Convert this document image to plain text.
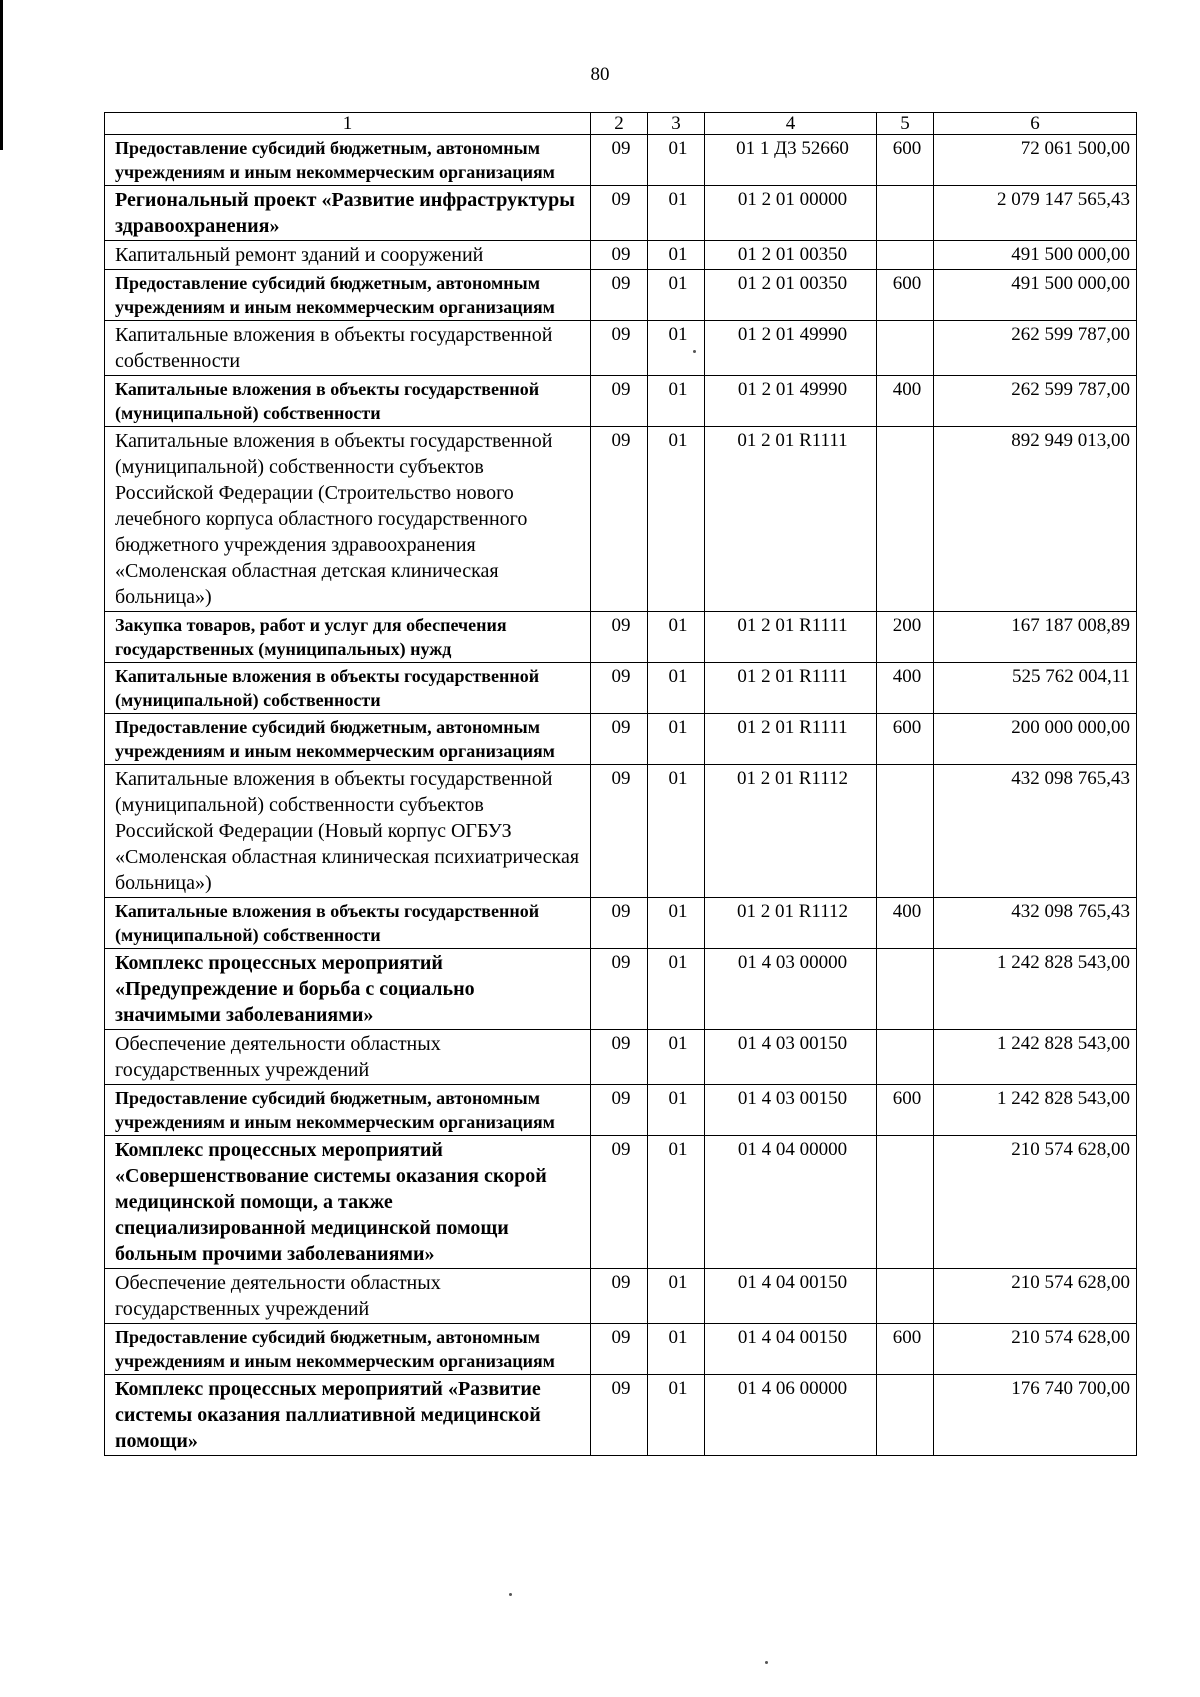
80
1	2	3	4	5	6
Предоставление субсидий бюджетным, автономным учреждениям и иным некоммерческим организациям	09	01	01 1 Д3 52660	600	72 061 500,00
Региональный проект «Развитие инфраструктуры здравоохранения»	09	01	01 2 01 00000		2 079 147 565,43
Капитальный ремонт зданий и сооружений	09	01	01 2 01 00350		491 500 000,00
Предоставление субсидий бюджетным, автономным учреждениям и иным некоммерческим организациям	09	01	01 2 01 00350	600	491 500 000,00
Капитальные вложения в объекты государственной собственности	09	01	01 2 01 49990		262 599 787,00
Капитальные вложения в объекты государственной (муниципальной) собственности	09	01	01 2 01 49990	400	262 599 787,00
Капитальные вложения в объекты государственной (муниципальной) собственности субъектов Российской Федерации (Строительство нового лечебного корпуса областного государственного бюджетного учреждения здравоохранения «Смоленская областная детская клиническая больница»)	09	01	01 2 01 R1111		892 949 013,00
Закупка товаров, работ и услуг для обеспечения государственных (муниципальных) нужд	09	01	01 2 01 R1111	200	167 187 008,89
Капитальные вложения в объекты государственной (муниципальной) собственности	09	01	01 2 01 R1111	400	525 762 004,11
Предоставление субсидий бюджетным, автономным учреждениям и иным некоммерческим организациям	09	01	01 2 01 R1111	600	200 000 000,00
Капитальные вложения в объекты государственной (муниципальной) собственности субъектов Российской Федерации (Новый корпус ОГБУЗ «Смоленская областная клиническая психиатрическая больница»)	09	01	01 2 01 R1112		432 098 765,43
Капитальные вложения в объекты государственной (муниципальной) собственности	09	01	01 2 01 R1112	400	432 098 765,43
Комплекс процессных мероприятий «Предупреждение и борьба с социально значимыми заболеваниями»	09	01	01 4 03 00000		1 242 828 543,00
Обеспечение деятельности областных государственных учреждений	09	01	01 4 03 00150		1 242 828 543,00
Предоставление субсидий бюджетным, автономным учреждениям и иным некоммерческим организациям	09	01	01 4 03 00150	600	1 242 828 543,00
Комплекс процессных мероприятий «Совершенствование системы оказания скорой медицинской помощи, а также специализированной медицинской помощи больным прочими заболеваниями»	09	01	01 4 04 00000		210 574 628,00
Обеспечение деятельности областных государственных учреждений	09	01	01 4 04 00150		210 574 628,00
Предоставление субсидий бюджетным, автономным учреждениям и иным некоммерческим организациям	09	01	01 4 04 00150	600	210 574 628,00
Комплекс процессных мероприятий «Развитие системы оказания паллиативной медицинской помощи»	09	01	01 4 06 00000		176 740 700,00
